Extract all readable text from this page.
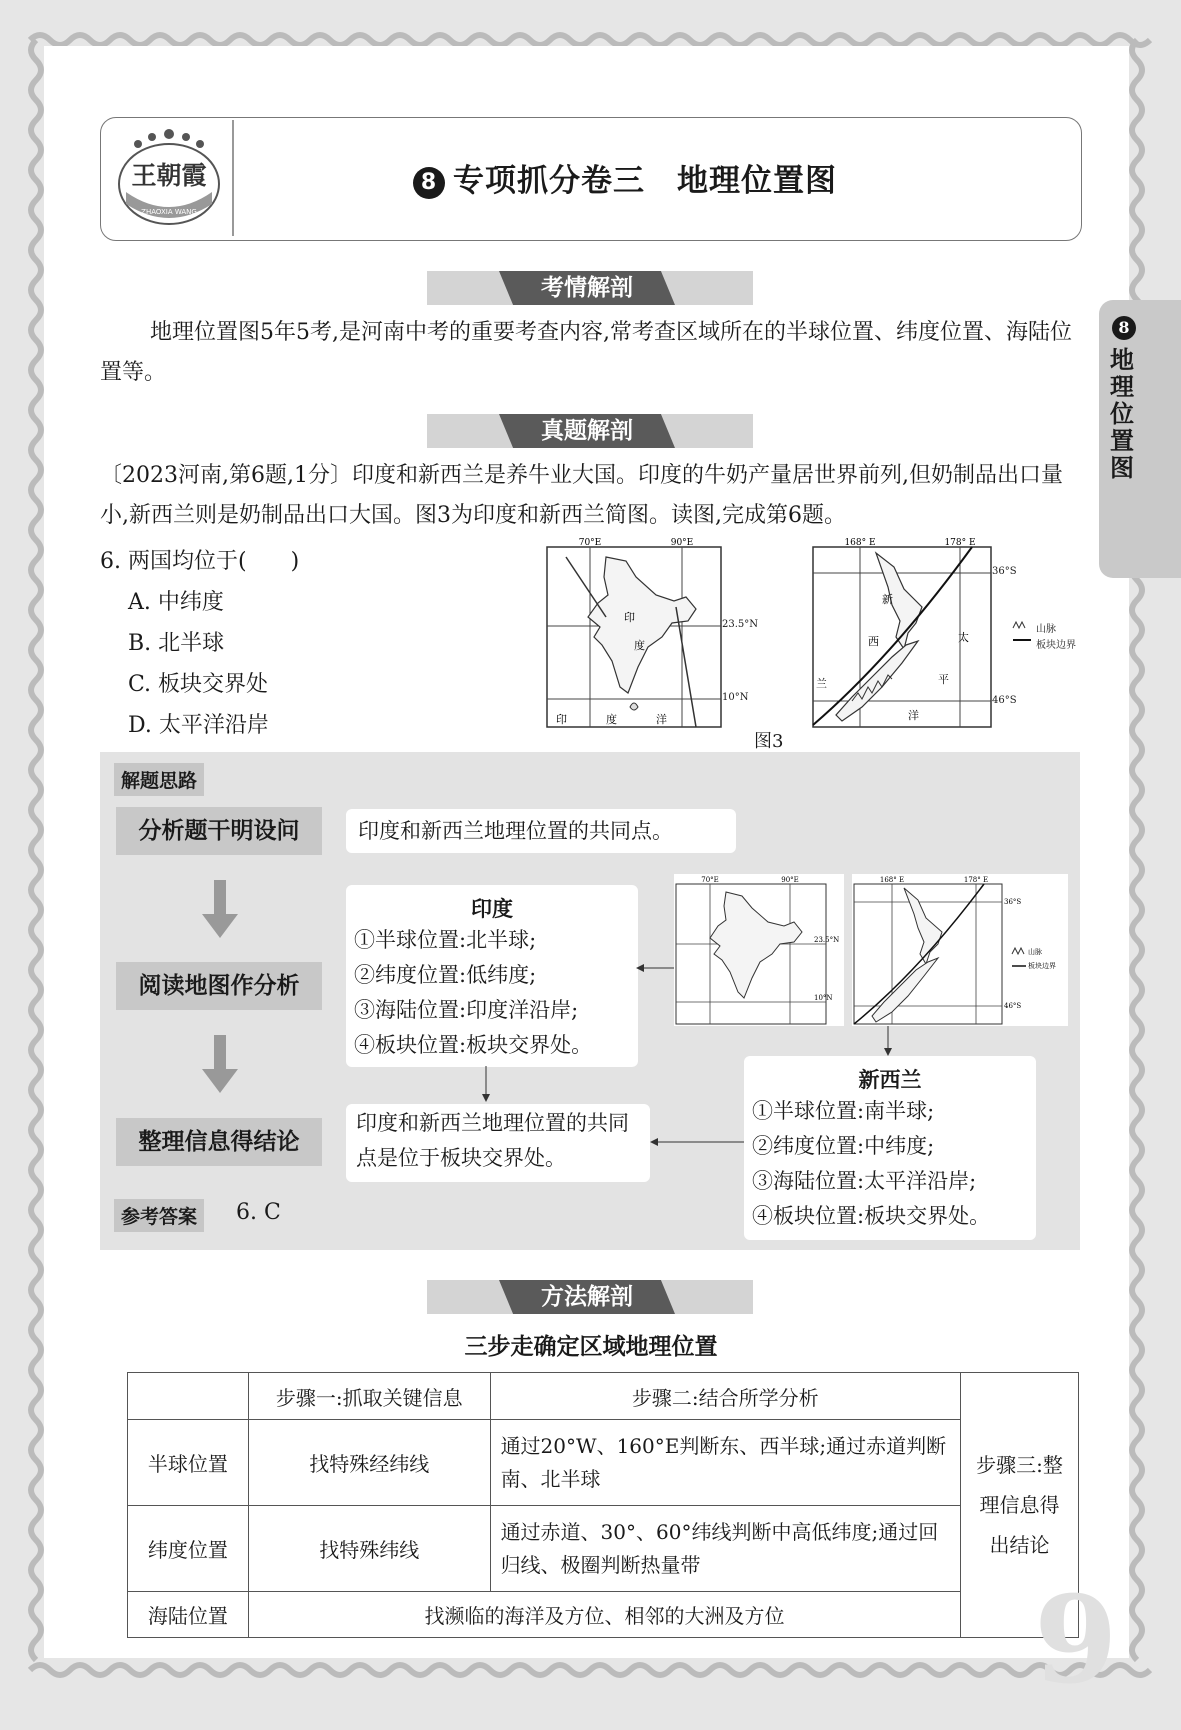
8
地理位置图
王朝霞
ZHAOXIA WANG
8 专项抓分卷三　地理位置图
考情解剖
地理位置图5年5考,是河南中考的重要考查内容,常考查区域所在的半球位置、纬度位置、海陆位置等。
真题解剖
〔2023河南,第6题,1分〕印度和新西兰是养牛业大国。印度的牛奶产量居世界前列,但奶制品出口量小,新西兰则是奶制品出口大国。图3为印度和新西兰简图。读图,完成第6题。
6. 两国均位于(　　)
A. 中纬度
B. 北半球
C. 板块交界处
D. 太平洋沿岸
70°E	90°E
印
度
印	度	洋
23.5°N
10°N
168° E	178° E
新
西
兰
太
平
洋
36°S
46°S
山脉
板块边界
图3
解题思路
分析题干明设问	印度和新西兰地理位置的共同点。
阅读地图作分析
整理信息得结论
印度
①半球位置:北半球;
②纬度位置:低纬度;
③海陆位置:印度洋沿岸;
④板块位置:板块交界处。
70°E	90°E
23.5°N
10°N
168° E	178° E
36°S
46°S
山脉
板块边界
新西兰
①半球位置:南半球;
②纬度位置:中纬度;
③海陆位置:太平洋沿岸;
④板块位置:板块交界处。
印度和新西兰地理位置的共同点是位于板块交界处。
参考答案	6. C
方法解剖
三步走确定区域地理位置
	步骤一:抓取关键信息	步骤二:结合所学分析	步骤三:整理信息得出结论
半球位置	找特殊经纬线	通过20°W、160°E判断东、西半球;通过赤道判断南、北半球	
纬度位置	找特殊纬线	通过赤道、30°、60°纬线判断中高低纬度;通过回归线、极圈判断热量带	
海陆位置	找濒临的海洋及方位、相邻的大洲及方位		9
